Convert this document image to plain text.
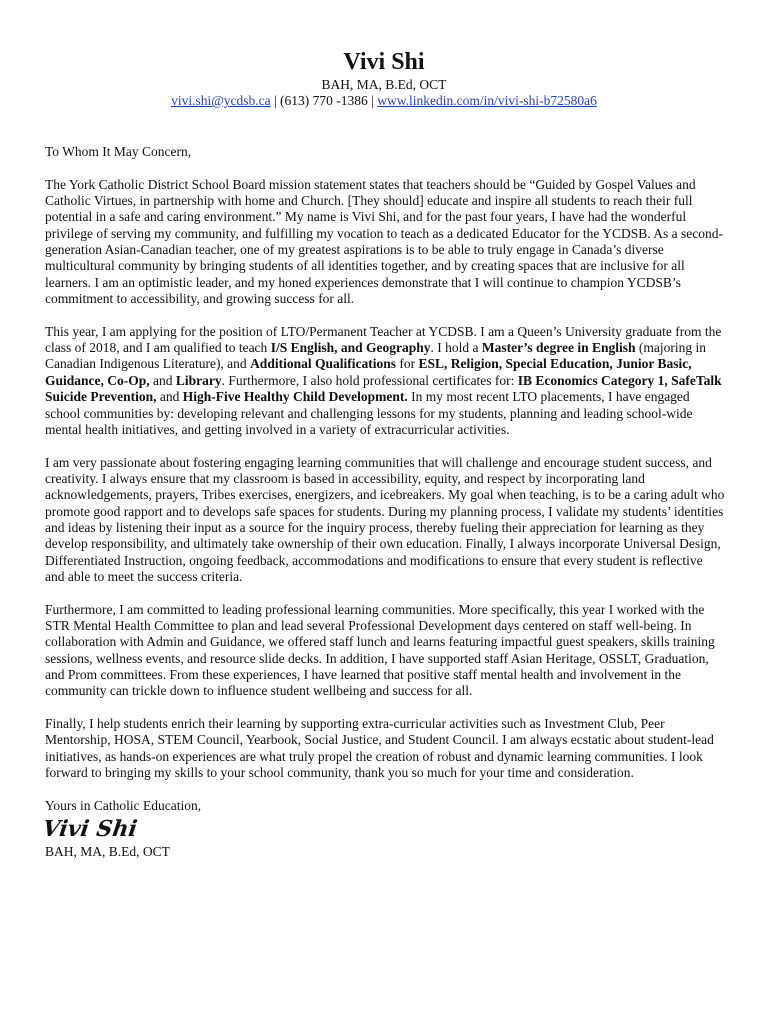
Vivi Shi
BAH, MA, B.Ed, OCT
vivi.shi@ycdsb.ca | (613) 770 -1386 | www.linkedin.com/in/vivi-shi-b72580a6

To Whom It May Concern,

The York Catholic District School Board mission statement states that teachers should be “Guided by Gospel Values and Catholic Virtues, in partnership with home and Church. [They should] educate and inspire all students to reach their full potential in a safe and caring environment.” My name is Vivi Shi, and for the past four years, I have had the wonderful privilege of serving my community, and fulfilling my vocation to teach as a dedicated Educator for the YCDSB. As a second-generation Asian-Canadian teacher, one of my greatest aspirations is to be able to truly engage in Canada’s diverse multicultural community by bringing students of all identities together, and by creating spaces that are inclusive for all learners. I am an optimistic leader, and my honed experiences demonstrate that I will continue to champion YCDSB’s commitment to accessibility, and growing success for all.

This year, I am applying for the position of LTO/Permanent Teacher at YCDSB. I am a Queen’s University graduate from the class of 2018, and I am qualified to teach I/S English, and Geography. I hold a Master’s degree in English (majoring in Canadian Indigenous Literature), and Additional Qualifications for ESL, Religion, Special Education, Junior Basic, Guidance, Co-Op, and Library. Furthermore, I also hold professional certificates for: IB Economics Category 1, SafeTalk Suicide Prevention, and High-Five Healthy Child Development. In my most recent LTO placements, I have engaged school communities by: developing relevant and challenging lessons for my students, planning and leading school-wide mental health initiatives, and getting involved in a variety of extracurricular activities.

I am very passionate about fostering engaging learning communities that will challenge and encourage student success, and creativity. I always ensure that my classroom is based in accessibility, equity, and respect by incorporating land acknowledgements, prayers, Tribes exercises, energizers, and icebreakers. My goal when teaching, is to be a caring adult who promote good rapport and to develops safe spaces for students. During my planning process, I validate my students’ identities and ideas by listening their input as a source for the inquiry process, thereby fueling their appreciation for learning as they develop responsibility, and ultimately take ownership of their own education. Finally, I always incorporate Universal Design, Differentiated Instruction, ongoing feedback, accommodations and modifications to ensure that every student is reflective and able to meet the success criteria.

Furthermore, I am committed to leading professional learning communities. More specifically, this year I worked with the STR Mental Health Committee to plan and lead several Professional Development days centered on staff well-being. In collaboration with Admin and Guidance, we offered staff lunch and learns featuring impactful guest speakers, skills training sessions, wellness events, and resource slide decks. In addition, I have supported staff Asian Heritage, OSSLT, Graduation, and Prom committees. From these experiences, I have learned that positive staff mental health and involvement in the community can trickle down to influence student wellbeing and success for all.

Finally, I help students enrich their learning by supporting extra-curricular activities such as Investment Club, Peer Mentorship, HOSA, STEM Council, Yearbook, Social Justice, and Student Council. I am always ecstatic about student-lead initiatives, as hands-on experiences are what truly propel the creation of robust and dynamic learning communities. I look forward to bringing my skills to your school community, thank you so much for your time and consideration.

Yours in Catholic Education,
Vivi Shi
BAH, MA, B.Ed, OCT
